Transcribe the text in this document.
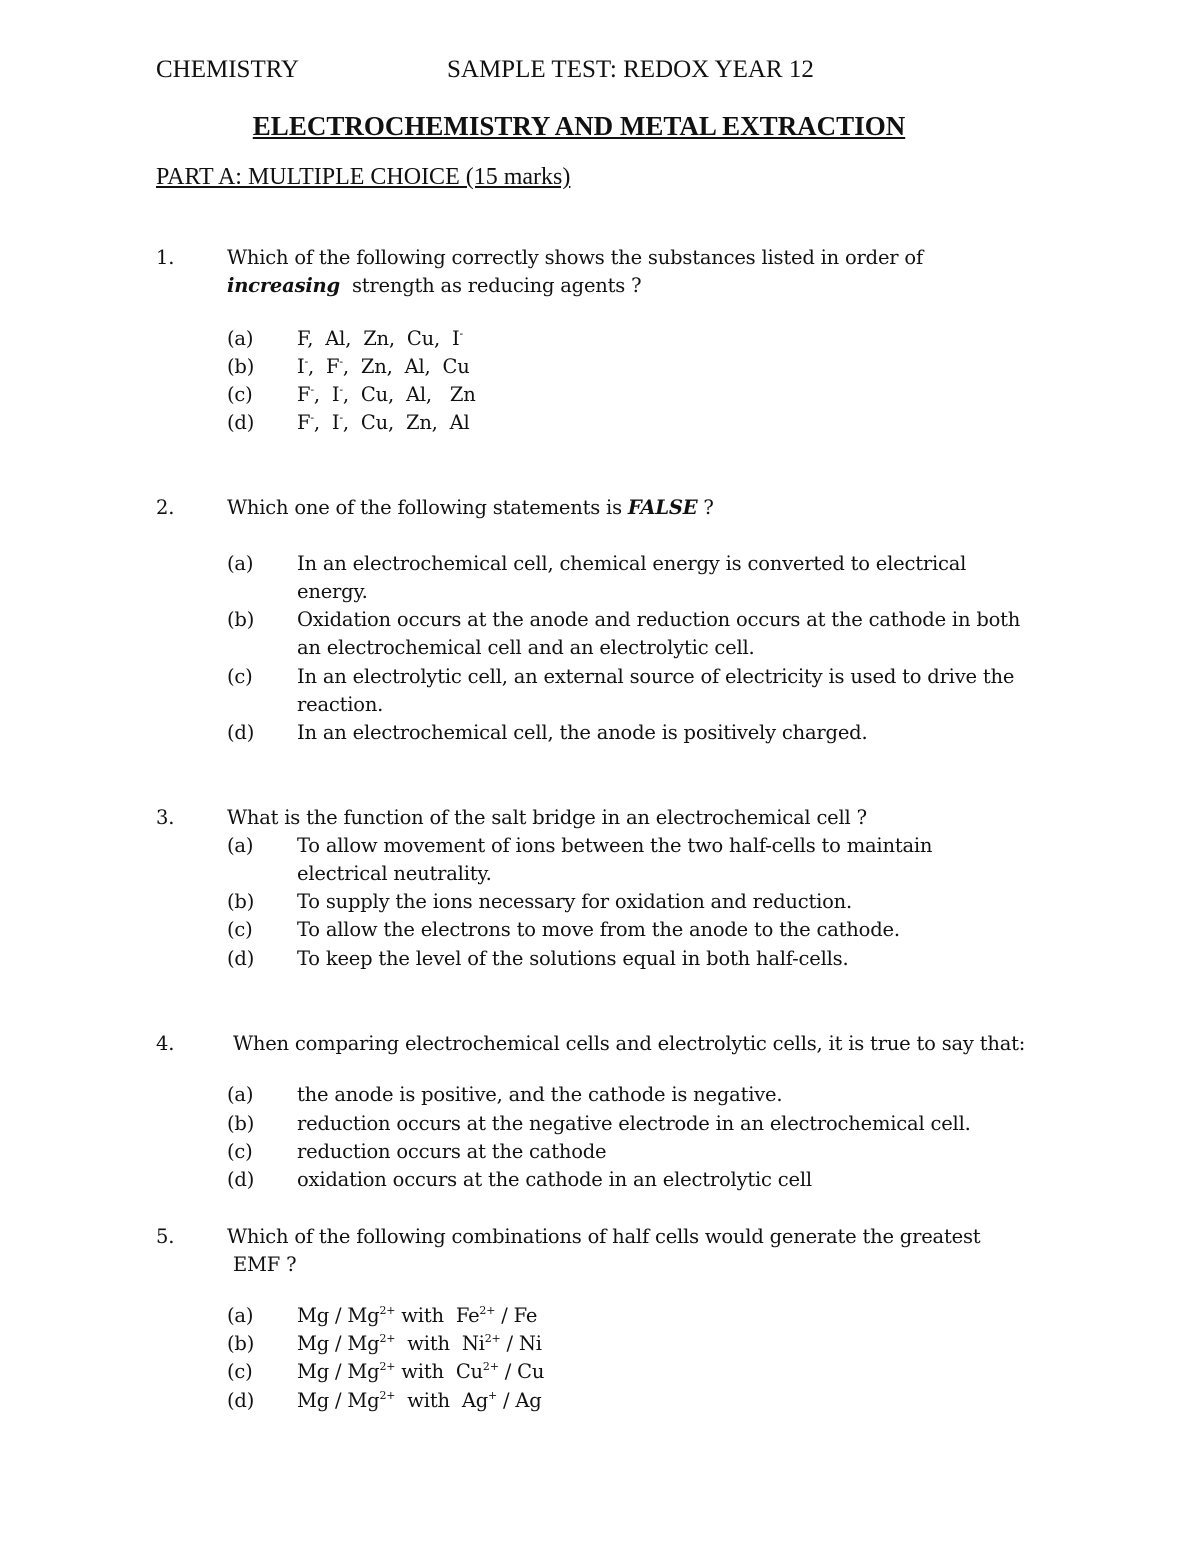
CHEMISTRY	SAMPLE TEST: REDOX YEAR 12
ELECTROCHEMISTRY AND METAL EXTRACTION
PART A: MULTIPLE CHOICE (15 marks)
1.	Which of the following correctly shows the substances listed in order of
increasing  strength as reducing agents ?
(a) F,  Al,  Zn,  Cu,  I-
(b) I-,  F-,  Zn,  Al,  Cu
(c) F-,  I-,  Cu,  Al,   Zn
(d) F-,  I-,  Cu,  Zn,  Al
2.	Which one of the following statements is FALSE ?
(a) In an electrochemical cell, chemical energy is converted to electrical
energy.
(b) Oxidation occurs at the anode and reduction occurs at the cathode in both
an electrochemical cell and an electrolytic cell.
(c) In an electrolytic cell, an external source of electricity is used to drive the
reaction.
(d) In an electrochemical cell, the anode is positively charged.
3.	What is the function of the salt bridge in an electrochemical cell ?
(a) To allow movement of ions between the two half-cells to maintain
electrical neutrality.
(b) To supply the ions necessary for oxidation and reduction.
(c) To allow the electrons to move from the anode to the cathode.
(d) To keep the level of the solutions equal in both half-cells.
4.	When comparing electrochemical cells and electrolytic cells, it is true to say that:
(a) the anode is positive, and the cathode is negative.
(b) reduction occurs at the negative electrode in an electrochemical cell.
(c) reduction occurs at the cathode
(d) oxidation occurs at the cathode in an electrolytic cell
5.	Which of the following combinations of half cells would generate the greatest
EMF ?
(a) Mg / $Mg^{2+}$ with  $Fe^{2+}$ / Fe
(b) Mg / $Mg^{2+}$  with  $Ni^{2+}$ / Ni
(c) Mg / $Mg^{2+}$ with  $Cu^{2+}$ / Cu
(d) Mg / $Mg^{2+}$  with  Ag+ / Ag
